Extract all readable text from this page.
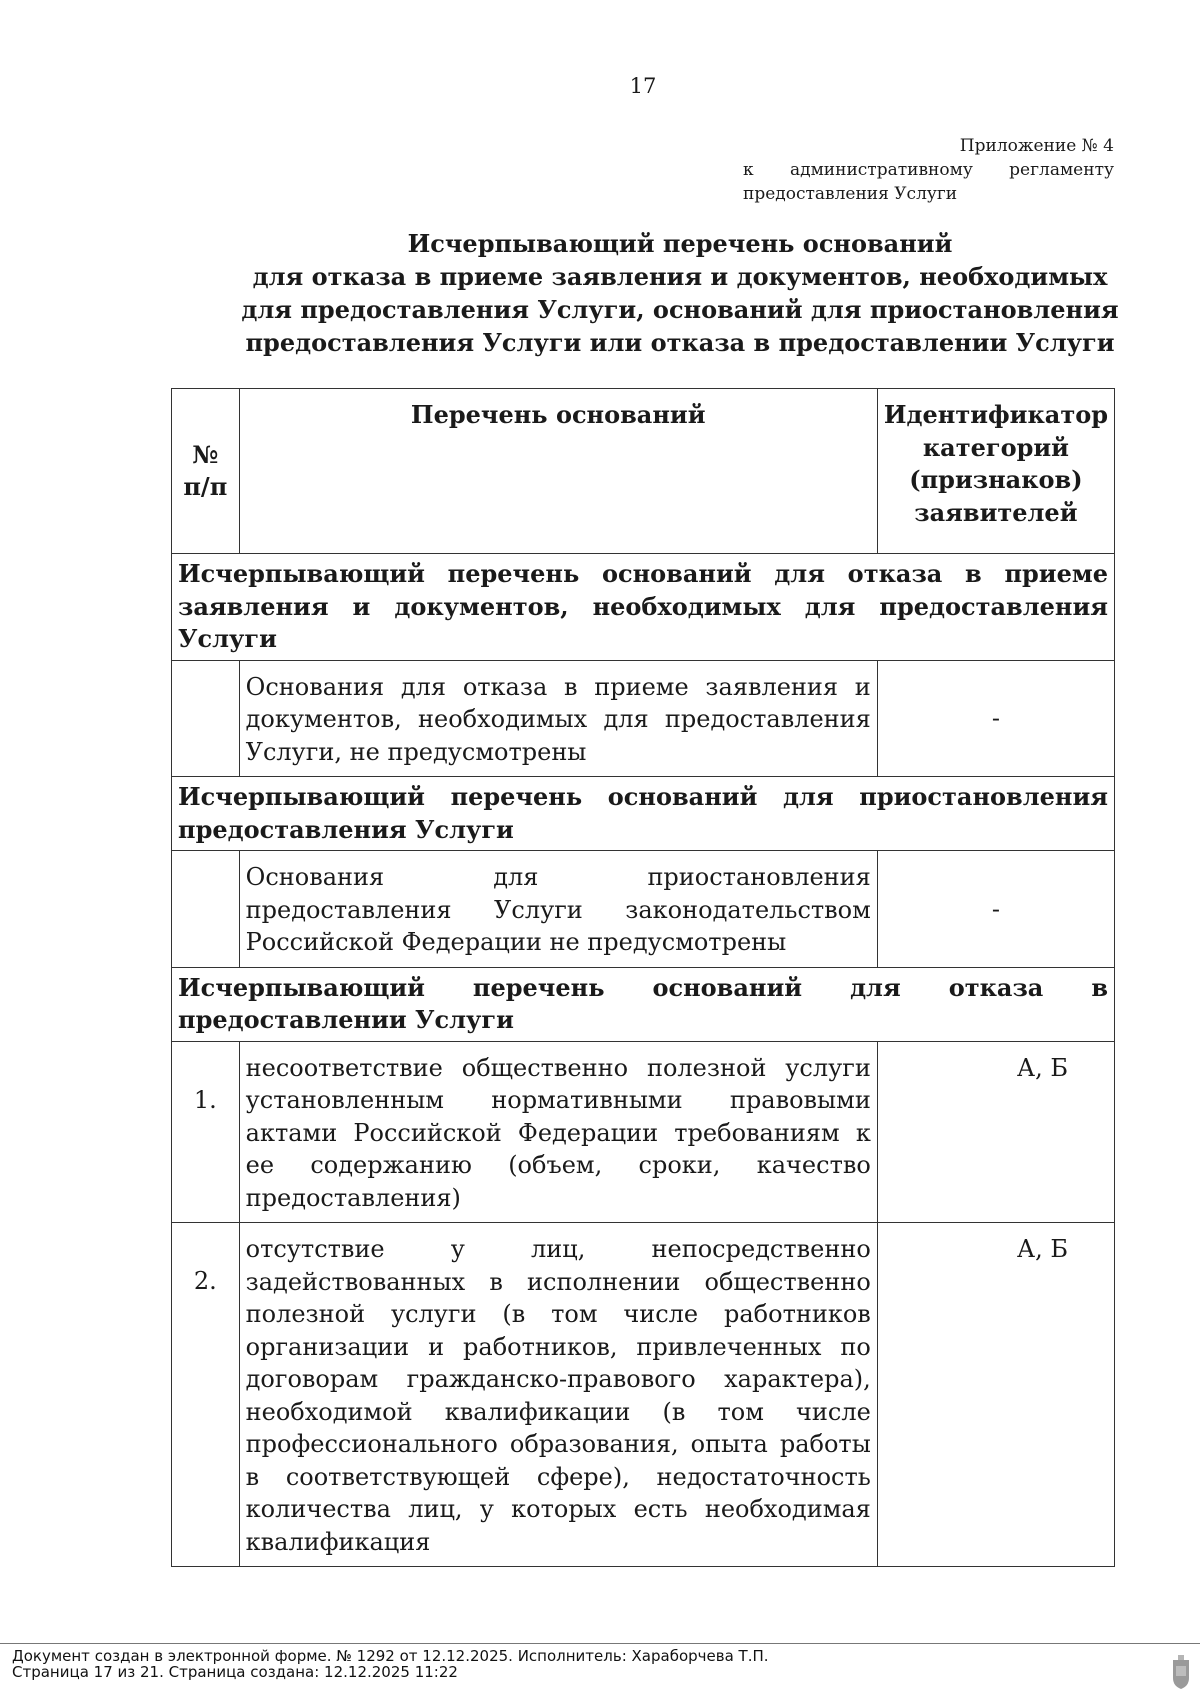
17
Приложение № 4
к административному регламенту
предоставления Услуги
Исчерпывающий перечень оснований
для отказа в приеме заявления и документов, необходимых
для предоставления Услуги, оснований для приостановления
предоставления Услуги или отказа в предоставлении Услуги
№ п/п	Перечень оснований	Идентификатор категорий (признаков) заявителей
Исчерпывающий перечень оснований для отказа в приеме заявления и документов, необходимых для предоставления Услуги		
	Основания для отказа в приеме заявления и документов, необходимых для предоставления Услуги, не предусмотрены	-
Исчерпывающий перечень оснований для приостановления предоставления Услуги		
	Основания для приостановления предоставления Услуги законодательством Российской Федерации не предусмотрены	-
Исчерпывающий перечень оснований для отказа в предоставлении Услуги		
1.	несоответствие общественно полезной услуги установленным нормативными правовыми актами Российской Федерации требованиям к ее содержанию (объем, сроки, качество предоставления)	А, Б
2.	отсутствие у лиц, непосредственно задействованных в исполнении общественно полезной услуги (в том числе работников организации и работников, привлеченных по договорам гражданско-правового характера), необходимой квалификации (в том числе профессионального образования, опыта работы в соответствующей сфере), недостаточность количества лиц, у которых есть необходимая квалификация	А, Б
Документ создан в электронной форме. № 1292 от 12.12.2025. Исполнитель: Хараборчева Т.П.
Страница 17 из 21. Страница создана: 12.12.2025 11:22
